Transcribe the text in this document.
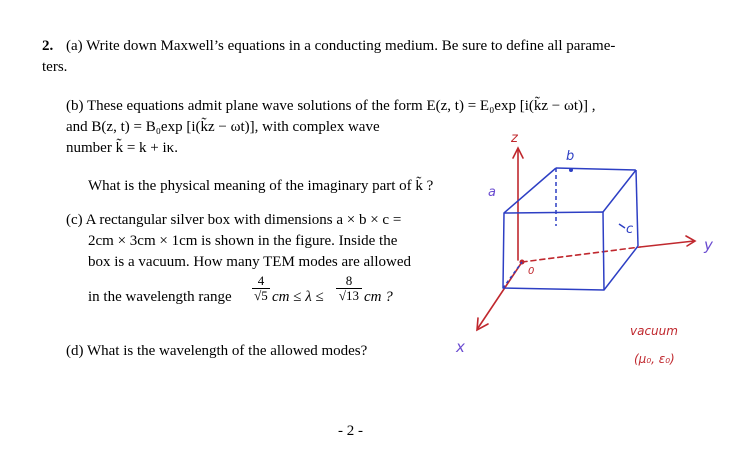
2. (a) Write down Maxwell’s equations in a conducting medium. Be sure to define all parame-
ters.
(b) These equations admit plane wave solutions of the form E(z, t) = E₀exp [i(k̃z − ωt)] ,
and B(z, t) = B₀exp [i(k̃z − ωt)], with complex wave
number k̃ = k + iκ.
What is the physical meaning of the imaginary part of k̃ ?
(c) A rectangular silver box with dimensions a × b × c =
2cm × 3cm × 1cm is shown in the figure. Inside the
box is a vacuum. How many TEM modes are allowed
in the wavelength range
4
√5 cm ≤ λ ≤
8
√13 cm ?
(d) What is the wavelength of the allowed modes?
- 2 -
z
b
a
c
0
y
x
vacuum
(μ₀, ε₀)
